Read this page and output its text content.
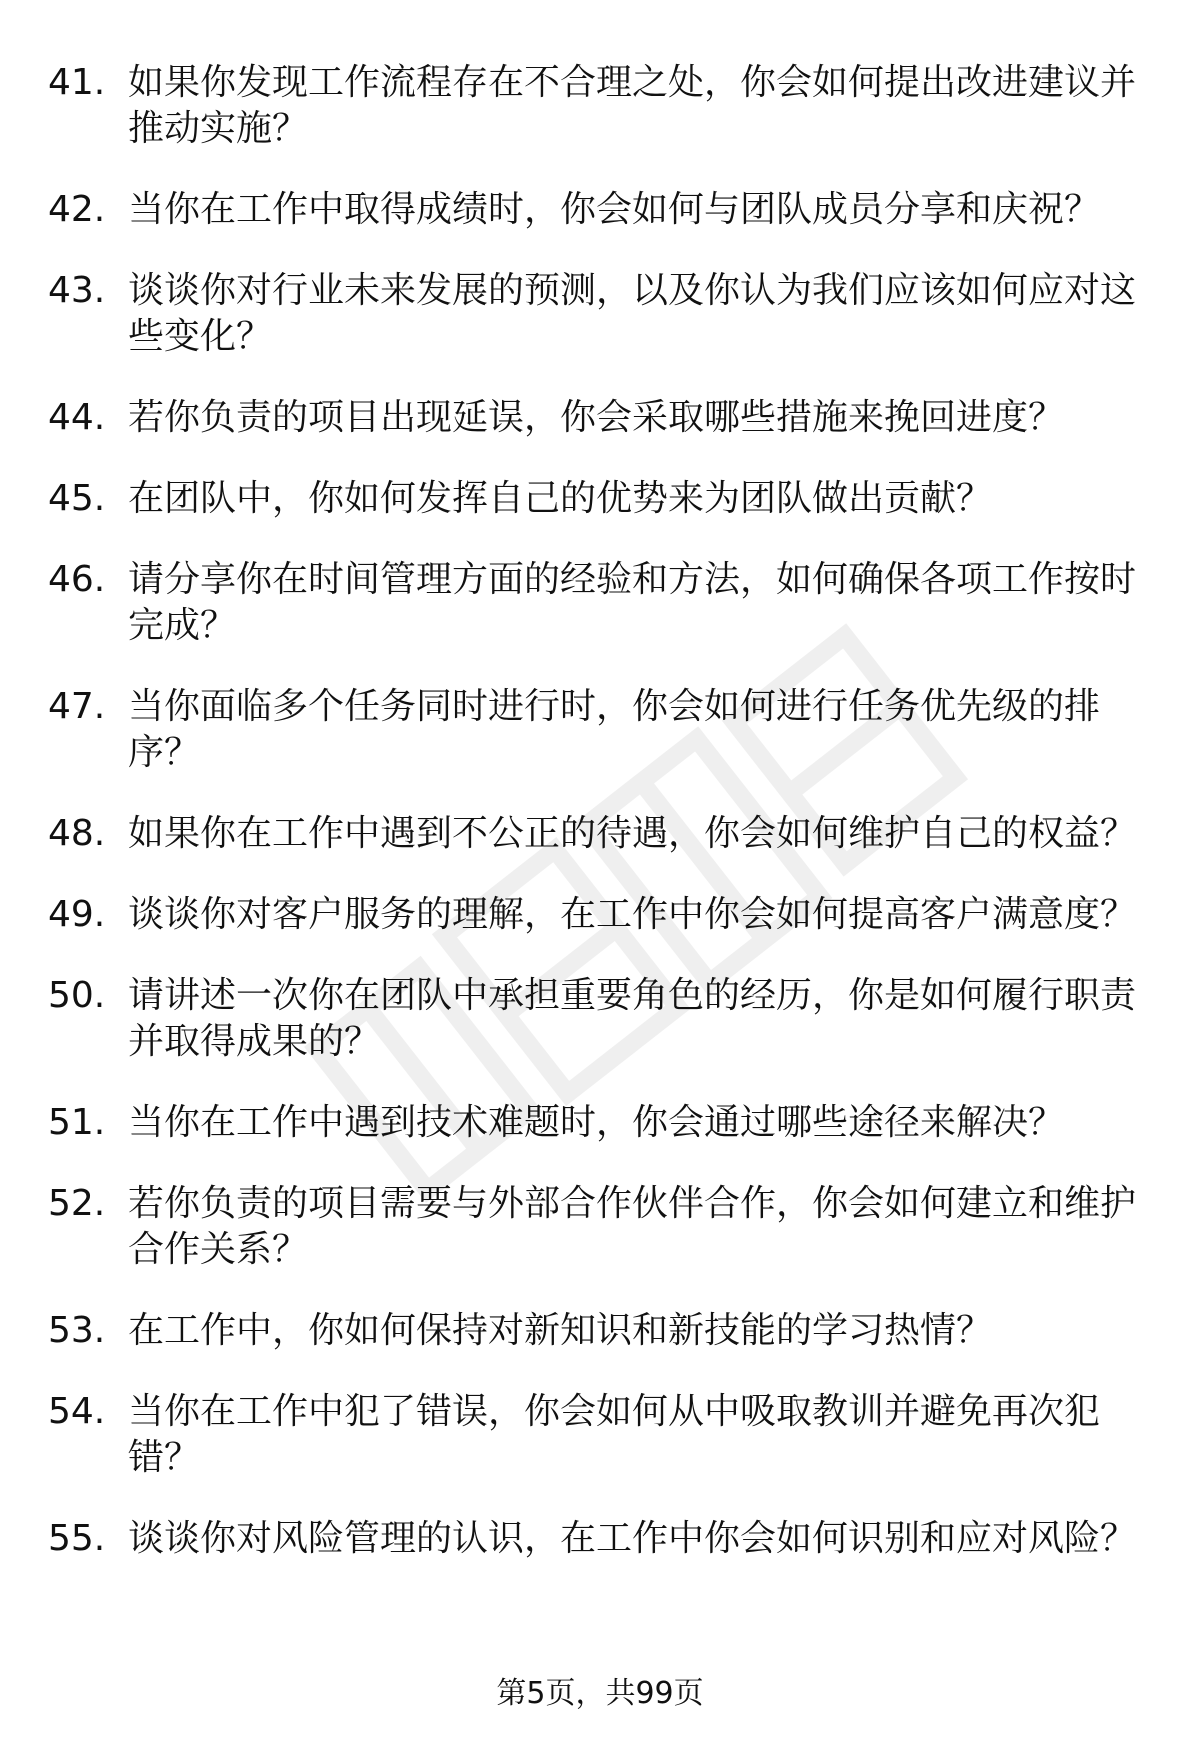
41. 如果你发现工作流程存在不合理之处，你会如何提出改进建议并推动实施？
42. 当你在工作中取得成绩时，你会如何与团队成员分享和庆祝？
43. 谈谈你对行业未来发展的预测，以及你认为我们应该如何应对这些变化？
44. 若你负责的项目出现延误，你会采取哪些措施来挽回进度？
45. 在团队中，你如何发挥自己的优势来为团队做出贡献？
46. 请分享你在时间管理方面的经验和方法，如何确保各项工作按时完成？
47. 当你面临多个任务同时进行时，你会如何进行任务优先级的排序？
48. 如果你在工作中遇到不公正的待遇，你会如何维护自己的权益？
49. 谈谈你对客户服务的理解，在工作中你会如何提高客户满意度？
50. 请讲述一次你在团队中承担重要角色的经历，你是如何履行职责并取得成果的？
51. 当你在工作中遇到技术难题时，你会通过哪些途径来解决？
52. 若你负责的项目需要与外部合作伙伴合作，你会如何建立和维护合作关系？
53. 在工作中，你如何保持对新知识和新技能的学习热情？
54. 当你在工作中犯了错误，你会如何从中吸取教训并避免再次犯错？
55. 谈谈你对风险管理的认识，在工作中你会如何识别和应对风险？
第5页，共99页
